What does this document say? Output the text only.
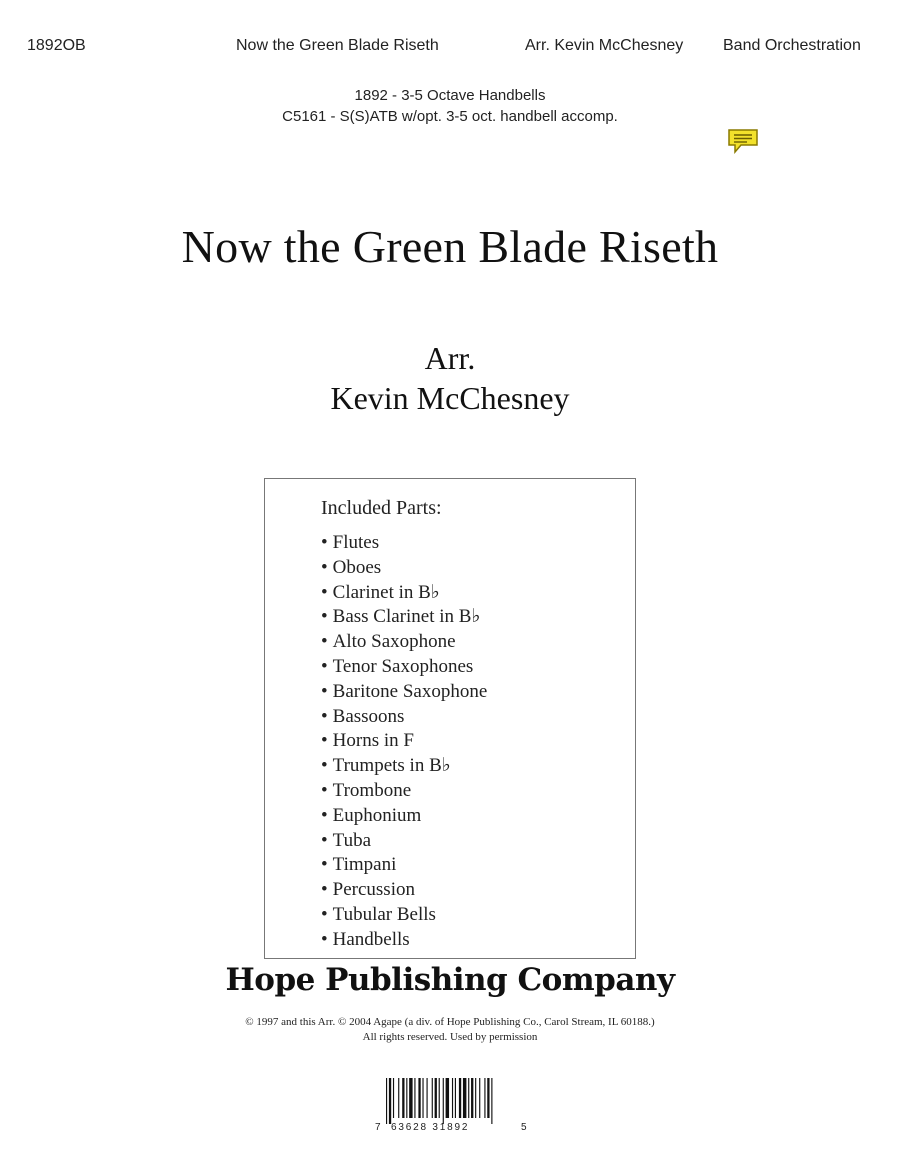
1892OB	Now the Green Blade Riseth	Arr. Kevin McChesney Band Orchestration
1892 - 3-5 Octave Handbells
C5161 - S(S)ATB w/opt. 3-5 oct. handbell accomp.
Now the Green Blade Riseth
Arr.
Kevin McChesney
Included Parts:
• Flutes
• Oboes
• Clarinet in B♭
• Bass Clarinet in B♭
• Alto Saxophone
• Tenor Saxophones
• Baritone Saxophone
• Bassoons
• Horns in F
• Trumpets in B♭
• Trombone
• Euphonium
• Tuba
• Timpani
• Percussion
• Tubular Bells
• Handbells
Hope Publishing Company
© 1997 and this Arr. © 2004 Agape (a div. of Hope Publishing Co., Carol Stream, IL 60188.)
All rights reserved. Used by permission
7 63628 31892	5
